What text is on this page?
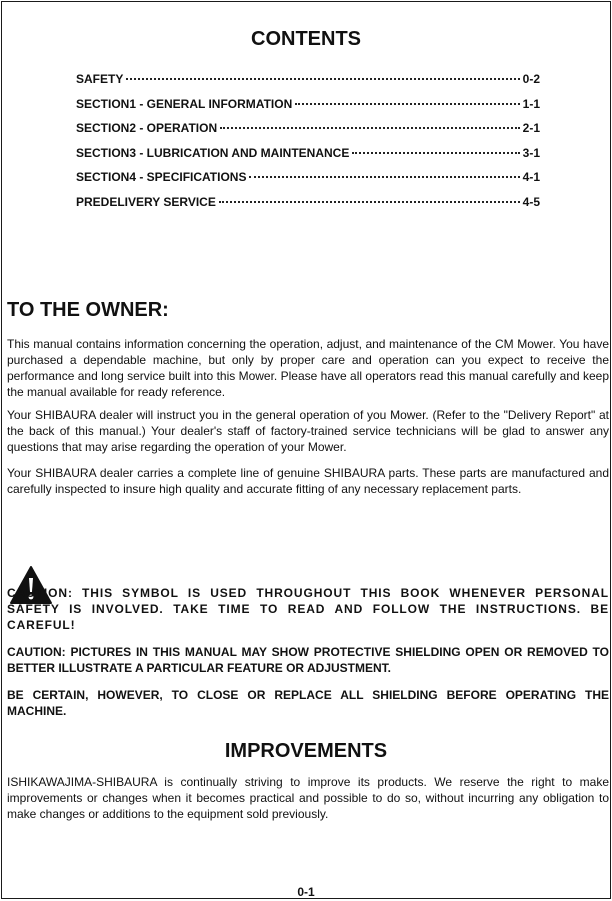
CONTENTS
SAFETY	0-2
SECTION1 - GENERAL INFORMATION	1-1
SECTION2 - OPERATION	2-1
SECTION3 - LUBRICATION AND MAINTENANCE	3-1
SECTION4 - SPECIFICATIONS	4-1
PREDELIVERY SERVICE	4-5
TO THE OWNER:
This manual contains information concerning the operation, adjust, and maintenance of the CM Mower. You have purchased a dependable machine, but only by proper care and operation can you expect to receive the performance and long service built into this Mower. Please have all operators read this manual carefully and keep the manual available for ready reference.
Your SHIBAURA dealer will instruct you in the general operation of you Mower. (Refer to the "Delivery Report" at the back of this manual.) Your dealer's staff of factory-trained service technicians will be glad to answer any questions that may arise regarding the operation of your Mower.
Your SHIBAURA dealer carries a complete line of genuine SHIBAURA parts. These parts are manufactured and carefully inspected to insure high quality and accurate fitting of any necessary replacement parts.
CAUTION: THIS SYMBOL IS USED THROUGHOUT THIS BOOK WHENEVER PERSONAL SAFETY IS INVOLVED. TAKE TIME TO READ AND FOLLOW THE INSTRUCTIONS. BE CAREFUL!
CAUTION: PICTURES IN THIS MANUAL MAY SHOW PROTECTIVE SHIELDING OPEN OR REMOVED TO BETTER ILLUSTRATE A PARTICULAR FEATURE OR ADJUSTMENT.
BE CERTAIN, HOWEVER, TO CLOSE OR REPLACE ALL SHIELDING BEFORE OPERATING THE MACHINE.
IMPROVEMENTS
ISHIKAWAJIMA-SHIBAURA is continually striving to improve its products. We reserve the right to make improvements or changes when it becomes practical and possible to do so, without incurring any obligation to make changes or additions to the equipment sold previously.
0-1
